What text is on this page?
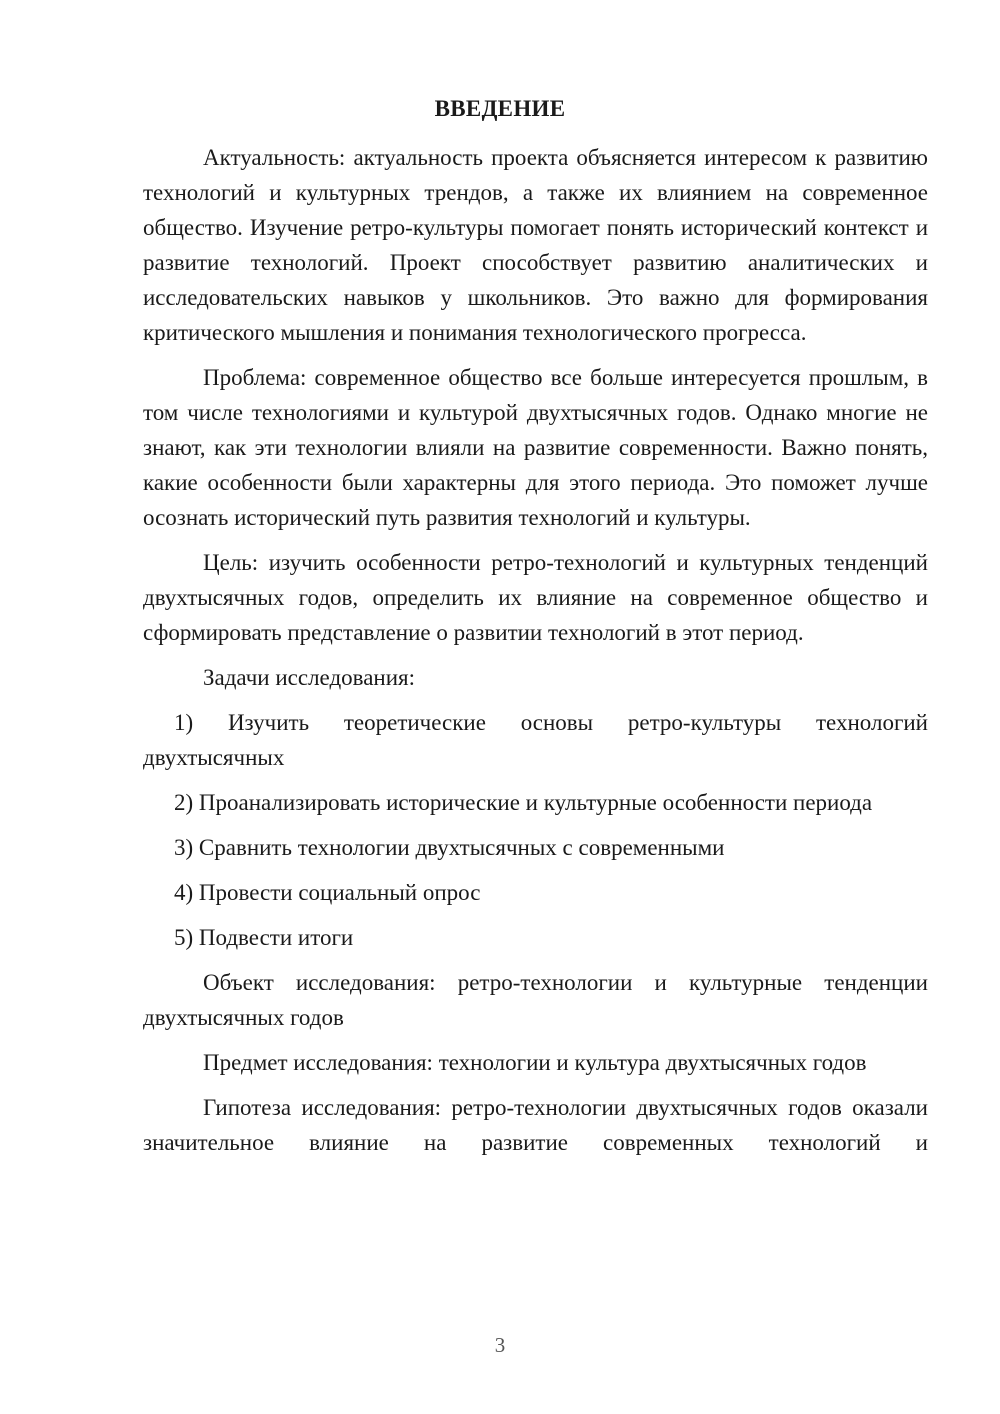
ВВЕДЕНИЕ

Актуальность: актуальность проекта объясняется интересом к развитию технологий и культурных трендов, а также их влиянием на современное общество. Изучение ретро-культуры помогает понять исторический контекст и развитие технологий. Проект способствует развитию аналитических и исследовательских навыков у школьников. Это важно для формирования критического мышления и понимания технологического прогресса.

Проблема: современное общество все больше интересуется прошлым, в том числе технологиями и культурой двухтысячных годов. Однако многие не знают, как эти технологии влияли на развитие современности. Важно понять, какие особенности были характерны для этого периода. Это поможет лучше осознать исторический путь развития технологий и культуры.

Цель: изучить особенности ретро-технологий и культурных тенденций двухтысячных годов, определить их влияние на современное общество и сформировать представление о развитии технологий в этот период.

Задачи исследования:

1) Изучить теоретические основы ретро-культуры технологий двухтысячных

2) Проанализировать исторические и культурные особенности периода

3) Сравнить технологии двухтысячных с современными

4) Провести социальный опрос

5) Подвести итоги

Объект исследования: ретро-технологии и культурные тенденции двухтысячных годов

Предмет исследования: технологии и культура двухтысячных годов

Гипотеза исследования: ретро-технологии двухтысячных годов оказали значительное влияние на развитие современных технологий и

3
